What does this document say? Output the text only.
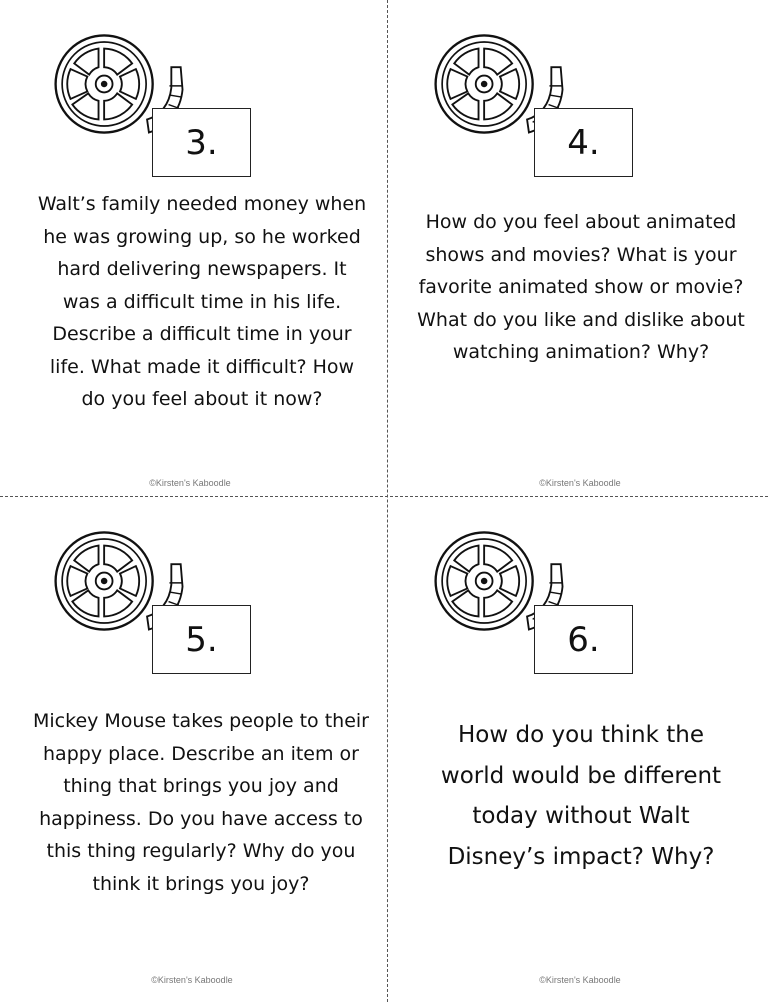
3.
Walt’s family needed money when he was growing up, so he worked hard delivering newspapers. It was a difficult time in his life. Describe a difficult time in your life. What made it difficult? How do you feel about it now?
©Kirsten's Kaboodle
4.
How do you feel about animated shows and movies? What is your favorite animated show or movie? What do you like and dislike about watching animation? Why?
©Kirsten's Kaboodle
5.
Mickey Mouse takes people to their happy place. Describe an item or thing that brings you joy and happiness. Do you have access to this thing regularly? Why do you think it brings you joy?
©Kirsten's Kaboodle
6.
How do you think the world would be different today without Walt Disney’s impact? Why?
©Kirsten's Kaboodle
